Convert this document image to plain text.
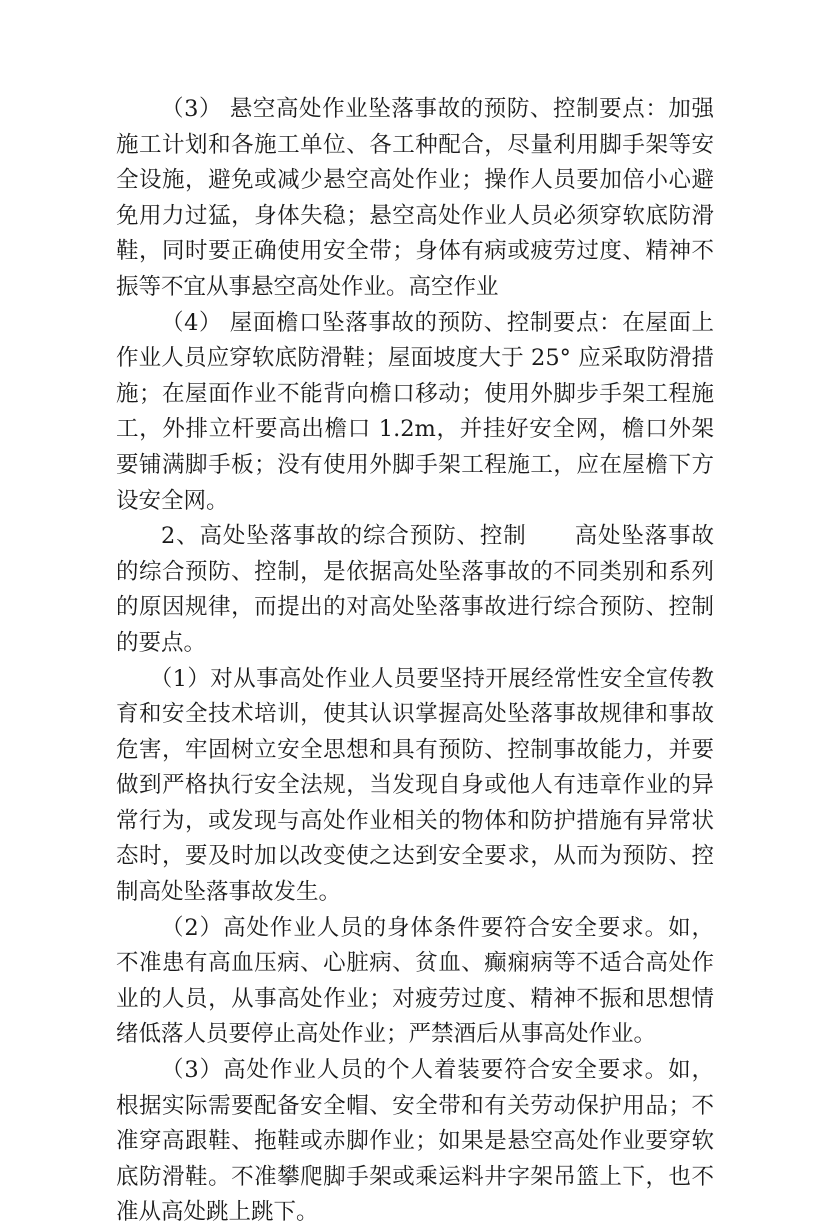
（3） 悬空高处作业坠落事故的预防、控制要点：加强施工计划和各施工单位、各工种配合，尽量利用脚手架等安全设施，避免或减少悬空高处作业；操作人员要加倍小心避免用力过猛，身体失稳；悬空高处作业人员必须穿软底防滑鞋，同时要正确使用安全带；身体有病或疲劳过度、精神不振等不宜从事悬空高处作业。高空作业

（4） 屋面檐口坠落事故的预防、控制要点：在屋面上作业人员应穿软底防滑鞋；屋面坡度大于 25° 应采取防滑措施；在屋面作业不能背向檐口移动；使用外脚步手架工程施工，外排立杆要高出檐口 1.2m，并挂好安全网，檐口外架要铺满脚手板；没有使用外脚手架工程施工，应在屋檐下方设安全网。

2、高处坠落事故的综合预防、控制 高处坠落事故的综合预防、控制，是依据高处坠落事故的不同类别和系列的原因规律，而提出的对高处坠落事故进行综合预防、控制的要点。

（1）对从事高处作业人员要坚持开展经常性安全宣传教育和安全技术培训，使其认识掌握高处坠落事故规律和事故危害，牢固树立安全思想和具有预防、控制事故能力，并要做到严格执行安全法规，当发现自身或他人有违章作业的异常行为，或发现与高处作业相关的物体和防护措施有异常状态时，要及时加以改变使之达到安全要求，从而为预防、控制高处坠落事故发生。

（2）高处作业人员的身体条件要符合安全要求。如，不准患有高血压病、心脏病、贫血、癫痫病等不适合高处作业的人员，从事高处作业；对疲劳过度、精神不振和思想情绪低落人员要停止高处作业；严禁酒后从事高处作业。

（3）高处作业人员的个人着装要符合安全要求。如，根据实际需要配备安全帽、安全带和有关劳动保护用品；不准穿高跟鞋、拖鞋或赤脚作业；如果是悬空高处作业要穿软底防滑鞋。不准攀爬脚手架或乘运料井字架吊篮上下，也不准从高处跳上跳下。
